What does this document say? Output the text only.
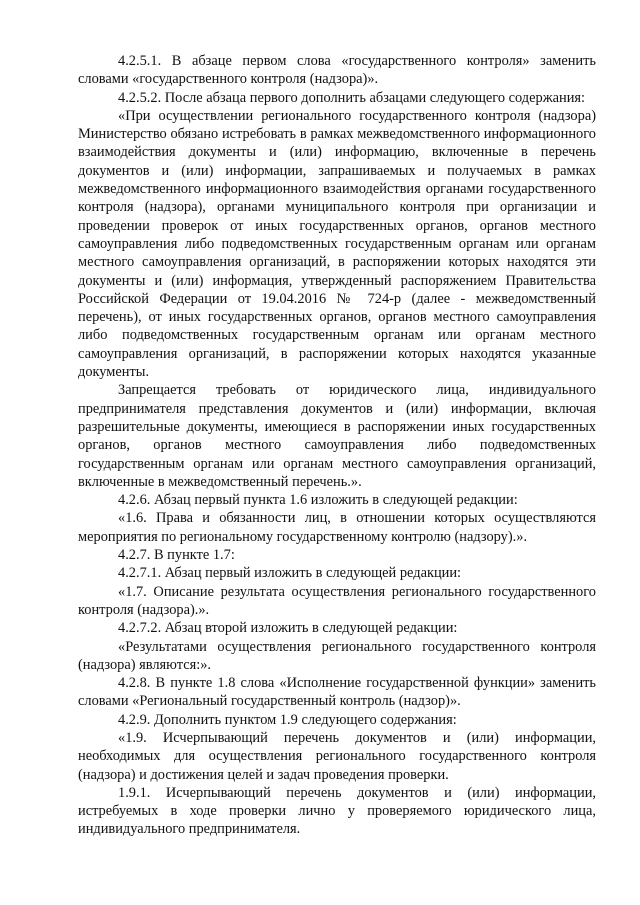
4.2.5.1. В абзаце первом слова «государственного контроля» заменить словами «государственного контроля (надзора)».

4.2.5.2. После абзаца первого дополнить абзацами следующего содержания:

«При осуществлении регионального государственного контроля (надзора) Министерство обязано истребовать в рамках межведомственного информационного взаимодействия документы и (или) информацию, включенные в перечень документов и (или) информации, запрашиваемых и получаемых в рамках межведомственного информационного взаимодействия органами государственного контроля (надзора), органами муниципального контроля при организации и проведении проверок от иных государственных органов, органов местного самоуправления либо подведомственных государственным органам или органам местного самоуправления организаций, в распоряжении которых находятся эти документы и (или) информация, утвержденный распоряжением Правительства Российской Федерации от 19.04.2016 № 724-р (далее - межведомственный перечень), от иных государственных органов, органов местного самоуправления либо подведомственных государственным органам или органам местного самоуправления организаций, в распоряжении которых находятся указанные документы.

Запрещается требовать от юридического лица, индивидуального предпринимателя представления документов и (или) информации, включая разрешительные документы, имеющиеся в распоряжении иных государственных органов, органов местного самоуправления либо подведомственных государственным органам или органам местного самоуправления организаций, включенные в межведомственный перечень.».

4.2.6. Абзац первый пункта 1.6 изложить в следующей редакции:

«1.6. Права и обязанности лиц, в отношении которых осуществляются мероприятия по региональному государственному контролю (надзору).».

4.2.7. В пункте 1.7:

4.2.7.1. Абзац первый изложить в следующей редакции:

«1.7. Описание результата осуществления регионального государственного контроля (надзора).».

4.2.7.2. Абзац второй изложить в следующей редакции:

«Результатами осуществления регионального государственного контроля (надзора) являются:».

4.2.8. В пункте 1.8 слова «Исполнение государственной функции» заменить словами «Региональный государственный контроль (надзор)».

4.2.9. Дополнить пунктом 1.9 следующего содержания:

«1.9. Исчерпывающий перечень документов и (или) информации, необходимых для осуществления регионального государственного контроля (надзора) и достижения целей и задач проведения проверки.

1.9.1. Исчерпывающий перечень документов и (или) информации, истребуемых в ходе проверки лично у проверяемого юридического лица, индивидуального предпринимателя.
